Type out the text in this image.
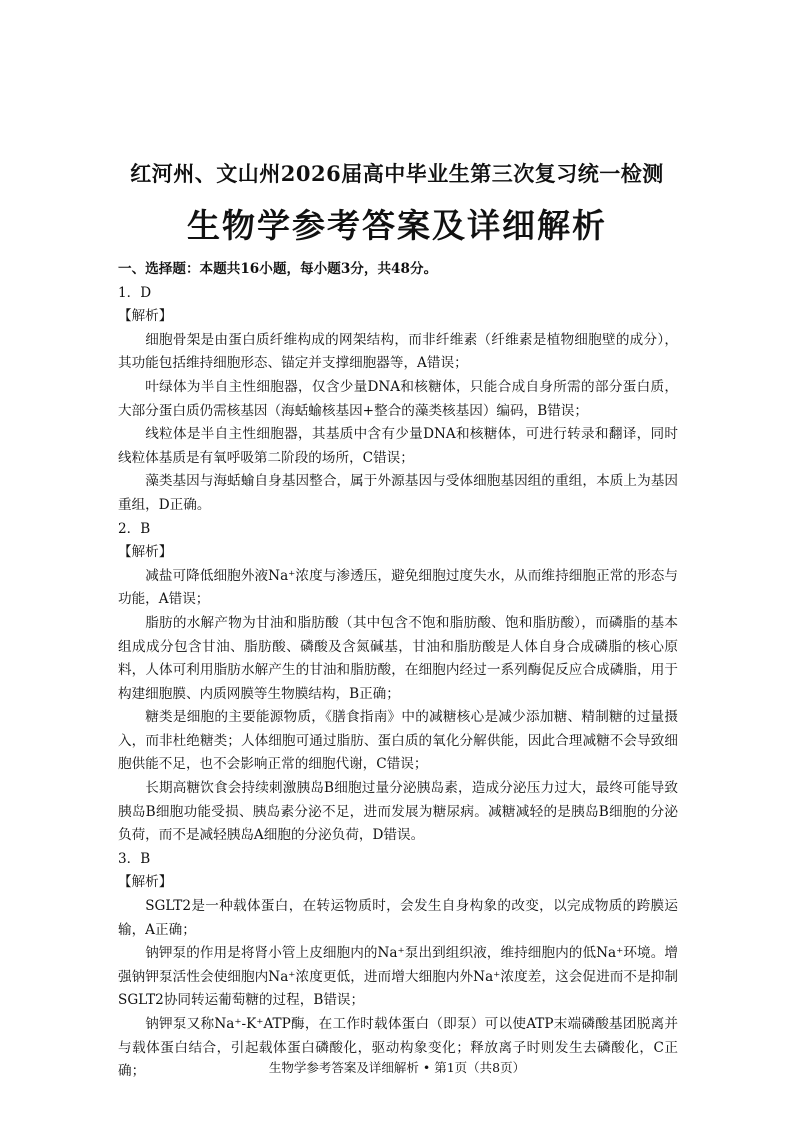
红河州、文山州2026届高中毕业生第三次复习统一检测
生物学参考答案及详细解析

一、选择题：本题共16小题，每小题3分，共48分。

1．D

【解析】

细胞骨架是由蛋白质纤维构成的网架结构，而非纤维素（纤维素是植物细胞壁的成分），其功能包括维持细胞形态、锚定并支撑细胞器等，A错误；

叶绿体为半自主性细胞器，仅含少量DNA和核糖体，只能合成自身所需的部分蛋白质，大部分蛋白质仍需核基因（海蛞蝓核基因+整合的藻类核基因）编码，B错误；

线粒体是半自主性细胞器，其基质中含有少量DNA和核糖体，可进行转录和翻译，同时线粒体基质是有氧呼吸第二阶段的场所，C错误；

藻类基因与海蛞蝓自身基因整合，属于外源基因与受体细胞基因组的重组，本质上为基因重组，D正确。

2．B

【解析】

减盐可降低细胞外液Na⁺浓度与渗透压，避免细胞过度失水，从而维持细胞正常的形态与功能，A错误；

脂肪的水解产物为甘油和脂肪酸（其中包含不饱和脂肪酸、饱和脂肪酸），而磷脂的基本组成成分包含甘油、脂肪酸、磷酸及含氮碱基，甘油和脂肪酸是人体自身合成磷脂的核心原料，人体可利用脂肪水解产生的甘油和脂肪酸，在细胞内经过一系列酶促反应合成磷脂，用于构建细胞膜、内质网膜等生物膜结构，B正确；

糖类是细胞的主要能源物质，《膳食指南》中的减糖核心是减少添加糖、精制糖的过量摄入，而非杜绝糖类；人体细胞可通过脂肪、蛋白质的氧化分解供能，因此合理减糖不会导致细胞供能不足，也不会影响正常的细胞代谢，C错误；

长期高糖饮食会持续刺激胰岛B细胞过量分泌胰岛素，造成分泌压力过大，最终可能导致胰岛B细胞功能受损、胰岛素分泌不足，进而发展为糖尿病。减糖减轻的是胰岛B细胞的分泌负荷，而不是减轻胰岛A细胞的分泌负荷，D错误。

3．B

【解析】

SGLT2是一种载体蛋白，在转运物质时，会发生自身构象的改变，以完成物质的跨膜运输，A正确；

钠钾泵的作用是将肾小管上皮细胞内的Na⁺泵出到组织液，维持细胞内的低Na⁺环境。增强钠钾泵活性会使细胞内Na⁺浓度更低，进而增大细胞内外Na⁺浓度差，这会促进而不是抑制SGLT2协同转运葡萄糖的过程，B错误；

钠钾泵又称Na⁺-K⁺ATP酶，在工作时载体蛋白（即泵）可以使ATP末端磷酸基团脱离并与载体蛋白结合，引起载体蛋白磷酸化，驱动构象变化；释放离子时则发生去磷酸化，C正确；	生物学参考答案及详细解析 • 第1页（共8页）
